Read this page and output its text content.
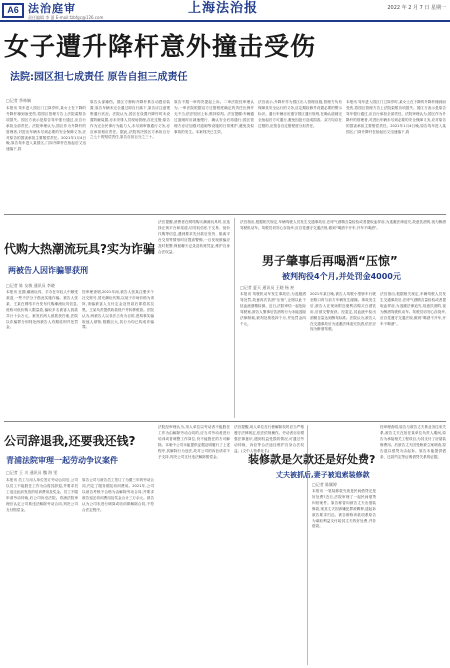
A6 法治庭审
责任编辑 李 蔷 E-mail:fzbfgc@126.com
上海法治报	2022 年 2 月 7 日 星期一
女子遭升降杆意外撞击受伤
法院:园区担七成责任 原告自担三成责任
□记者 季林娴

本报讯 驾车进入园区门卫岗亭时,某女士在下降的升降杆撞到而受伤,将园区管理方告上法院索赔各项损失。园区方表示是原告驾车强行通过,应自行承担全部责任。法院审理认为,园区作为升降杆的管理者,对进出车辆未尽到必要的安全保障义务,应对原告的损害承担主要赔偿责任。2021年1月4日晚,原告驾车进入某园区,门岗升降杆在抬起后又迅速落下,将

原告头部撞伤。园区方辩称升降杆系自动感应装置,原告车辆未完全通过即自行落下,原告应注意观察通行状况。法院认为,园区在设置升降杆时未设置防砸装置,亦未安排人员现场管理,存在过错;原告作为完全民事行为能力人,未尽到审慎通行义务,亦应承担相应责任。据此,法院判决园区方承担百分之七十的赔偿责任,原告自担百分之三十。

原告不服一审判决提起上诉。二审法院经审理认为,一审法院根据双方过错程度确定的责任比例并无不当,依法驳回上诉,维持原判。法官提醒:车辆通过道闸时应减速慢行、确认安全后再通行;园区管理方亦应加强对道闸等设施的日常维护,避免类似事故的发生。本案判决已生效。

法官表示,升降杆作为园区出入管理设施,管理方负有保障其安全运行的义务,应定期检修并设置必要的警示标识。通行车辆亦应遵守园区通行规则,在确认道闸完全抬起后方可通行,避免因抢行造成损害。双方均存在过错的,应按各自过错程度分担责任。

本报讯 驾车进入园区门卫岗亭时,某女士在下降的升降杆撞到而受伤,将园区管理方告上法院索赔各项损失。园区方表示是原告驾车强行通过,应自行承担全部责任。法院审理认为,园区作为升降杆的管理者,对进出车辆未尽到必要的安全保障义务,应对原告的损害承担主要赔偿责任。2021年1月4日晚,原告驾车进入某园区,门岗升降杆在抬起后又迅速落下,将

代购大热潮流玩具?实为诈骗
两被告人因诈骗罪获刑
□记者 陈 友敏 通讯员 李晓

本报讯 近期,潮流玩具、手办在年轻人中颇受欢迎,一些不法分子借此实施诈骗。被告人张某、王某在网络平台发布代购潮流玩具信息,谎称可低价购入限量款,骗取多名被害人钱款共计十余万元。案发后两人被抓获归案,法院以诈骗罪分别判处两被告人有期徒刑并处罚金。

经审理查明,2021年间,被告人张某注册多个社交账号,冒充潮玩代购,以低于市场价格为诱饵,诱骗被害人支付定金及货款后即将其拉黑。王某负责提供收款账户并转移赃款。法院认为,两被告人以非法占有为目的,虚构事实骗取他人财物,数额巨大,其行为均已构成诈骗罪。

法官提醒,消费者在网络购买潮流玩具时,应选择正规平台和渠道,切勿轻信私下交易、低价代购等信息,遇到要求先付款后发货、脱离平台交易等情形时应提高警惕,一旦发现被骗应及时报警,保留聊天记录及转账凭证,维护自身合法权益。

法官指出,根据相关规定,车辆驾驶人员发生交通事故后,在呼气酒精含量检验或者提取血样前,为逃避法律追究,故意饮酒的,视为醉酒驾驶机动车。驾驶员切勿心存侥幸,应自觉遵守交通法规,做到“喝酒不开车,开车不喝酒”。

男子肇事后再喝酒“压惊”
被判拘役4个月,并处罚金4000元
□记者 夏天 通讯员 王晓 杨 焘

本报讯 驾驶机动车发生事故后,为逃避酒驾处罚,故意再次饮酒“压惊”,企图以此干扰血液酒精检测。近日,法院审结一起危险驾驶案,被告人肇事后饮酒的行为未能逃脱法律制裁,被判处拘役四个月,并处罚金四千元。

2021年某日晚,被告人驾驶小型轿车行驶至路口时与前方车辆发生碰撞。事故发生后,被告人在现场附近便利店购买白酒饮用,后被交警查获。经鉴定,其血液中检出酒精含量达到醉驾标准。法院认为,被告人在交通事故后为逃避法律追究饮酒,依法应视为醉酒驾驶。

法官指出,根据相关规定,车辆驾驶人员发生交通事故后,在呼气酒精含量检验或者提取血样前,为逃避法律追究,故意饮酒的,视为醉酒驾驶机动车。驾驶员切勿心存侥幸,应自觉遵守交通法规,做到“喝酒不开车,开车不喝酒”。

公司辞退我,还要我还钱?
青浦法院审理一起劳动争议案件
□记者 王 川 通讯员 魏 海 雯

本报讯 员工与用人单位签订劳动合同后,公司以员工不能胜任工作为由将其辞退,并要求员工返还此前发放的培训费用及奖金。员工不服申请劳动仲裁,后公司诉至法院。青浦法院审理后认定公司系违法解除劳动合同,判决公司支付赔偿金。

原告公司与被告员工签订了为期三年的劳动合同,约定了服务期及培训费用。2021年,公司以被告考核不合格为由解除劳动合同,并要求被告返还培训费用及奖金合计三万余元。被告认为公司未进行调岗或培训即解除合同,不符合法定程序。

法院经审理认为,用人单位以劳动者不能胜任工作为由解除劳动合同的,应当对劳动者进行培训或者调整工作岗位,仍不能胜任的方可解除。本案中公司未能提供证据证明履行了上述程序,其解除行为违法,故对公司的诉讼请求不予支持,判决公司支付违法解除赔偿金。

法官提醒,用人单位在行使解除权时应当严格遵守法律规定,依法依规操作。劳动者亦应增强法律意识,遇到权益受损的情况,可通过劳动仲裁、诉讼等合法途径维护自身合法权益。(文中人物系化名)

装修款是欠款还是好处费?
丈夫被抓后,妻子被追索装修款
□记者 陈颖婷

本报讯 一笔装修款究竟是民间借贷还是好处费?近日,法院审理了一起民间借贷纠纷案件。原告称曾向被告丈夫出借装修款,现其丈夫因涉嫌犯罪被羁押,遂起诉被告要求归还。被告辩称该款项系原告为谋取利益支付给其丈夫的好处费,并非借款。

经审理查明,原告与被告丈夫系业务往来关系,被告丈夫在担任某单位负责人期间,原告为承接相关工程项目,为其支付了房屋装修费用。后被告丈夫因受贿被立案调查,原告遂以借贷为由起诉。原告未能提供借条、还款约定等证明借贷关系的证据。
